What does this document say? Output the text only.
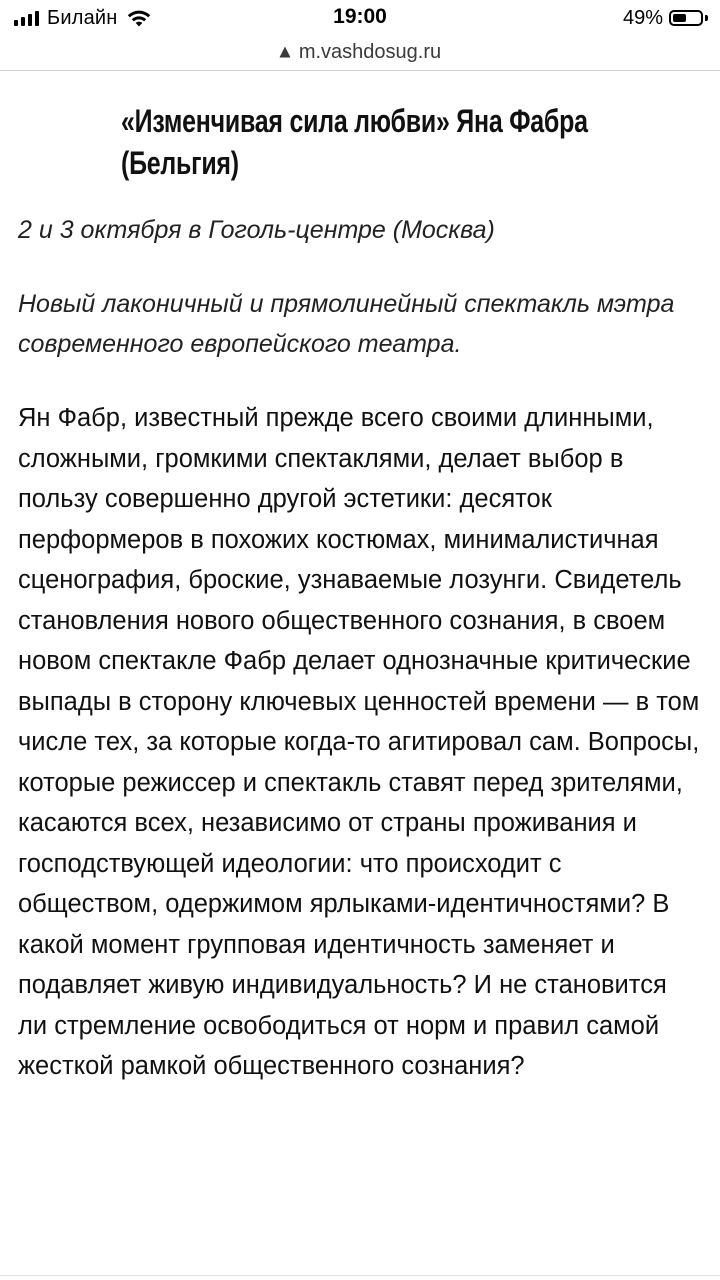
Билайн	19:00	49%
m.vashdosug.ru
«Изменчивая сила любви» Яна Фабра (Бельгия)
2 и 3 октября в Гоголь-центре (Москва)
Новый лаконичный и прямолинейный спектакль мэтра современного европейского театра.
Ян Фабр, известный прежде всего своими длинными, сложными, громкими спектаклями, делает выбор в пользу совершенно другой эстетики: десяток перформеров в похожих костюмах, минималистичная сценография, броские, узнаваемые лозунги. Свидетель становления нового общественного сознания, в своем новом спектакле Фабр делает однозначные критические выпады в сторону ключевых ценностей времени — в том числе тех, за которые когда-то агитировал сам. Вопросы, которые режиссер и спектакль ставят перед зрителями, касаются всех, независимо от страны проживания и господствующей идеологии: что происходит с обществом, одержимом ярлыками-идентичностями? В какой момент групповая идентичность заменяет и подавляет живую индивидуальность? И не становится ли стремление освободиться от норм и правил самой жесткой рамкой общественного сознания?
